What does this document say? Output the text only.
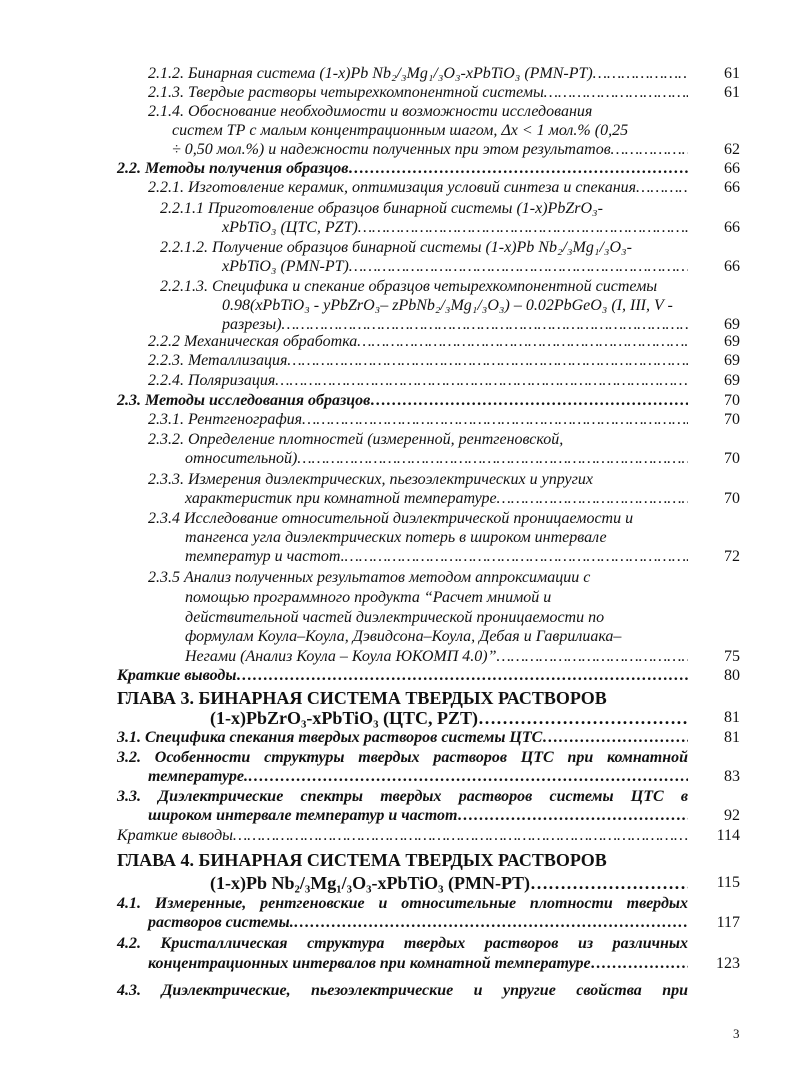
2.1.2. Бинарная система (1-x)Pb Nb₂/₃Mg₁/₃O₃-xPbTiO₃ (PMN-PT) ……………………………………………………………………………………………………………………………………………………………………………………	61
2.1.3. Твердые растворы четырехкомпонентной системы ……………………………………………………………………………………………………………………………………………………………………………………	61
2.1.4. Обоснование необходимости и возможности исследования
систем ТР с малым концентрационным шагом, Δx < 1 мол.% (0,25
÷ 0,50 мол.%) и надежности полученных при этом результатов ……………………………………………………………………………………………………………………………………………………………………………………	62
2.2. Методы получения образцов ……………………………………………………………………………………………………………………………………………………………………………………	66
2.2.1. Изготовление керамик, оптимизация условий синтеза и спекания ……………………………………………………………………………………………………………………………………………………………………………………	66
2.2.1.1 Приготовление образцов бинарной системы (1-x)PbZrO₃-
xPbTiO₃ (ЦТС, PZT) ……………………………………………………………………………………………………………………………………………………………………………………	66
2.2.1.2. Получение образцов бинарной системы (1-x)Pb Nb₂/₃Mg₁/₃O₃-
xPbTiO₃ (PMN-PT) ……………………………………………………………………………………………………………………………………………………………………………………	66
2.2.1.3. Специфика и спекание образцов четырехкомпонентной системы
0.98(xPbTiO₃ - yPbZrO₃– zPbNb₂/₃Mg₁/₃O₃) – 0.02PbGeO₃ (I, III, V -
разрезы) ……………………………………………………………………………………………………………………………………………………………………………………	69
2.2.2 Механическая обработка ……………………………………………………………………………………………………………………………………………………………………………………	69
2.2.3. Металлизация ……………………………………………………………………………………………………………………………………………………………………………………	69
2.2.4. Поляризация ……………………………………………………………………………………………………………………………………………………………………………………	69
2.3. Методы исследования образцов ……………………………………………………………………………………………………………………………………………………………………………………	70
2.3.1. Рентгенография ……………………………………………………………………………………………………………………………………………………………………………………	70
2.3.2. Определение плотностей (измеренной, рентгеновской,
относительной) ……………………………………………………………………………………………………………………………………………………………………………………	70
2.3.3. Измерения диэлектрических, пьезоэлектрических и упругих
характеристик при комнатной температуре ……………………………………………………………………………………………………………………………………………………………………………………	70
2.3.4 Исследование относительной диэлектрической проницаемости и
тангенса угла диэлектрических потерь в широком интервале
температур и частот. ……………………………………………………………………………………………………………………………………………………………………………………	72
2.3.5 Анализ полученных результатов методом аппроксимации с
помощью программного продукта “Расчет мнимой и
действительной частей диэлектрической проницаемости по
формулам Коула–Коула, Дэвидсона–Коула, Дебая и Гаврилиака–
Негами (Анализ Коула – Коула ЮКОМП 4.0)” ……………………………………………………………………………………………………………………………………………………………………………………	75
Краткие выводы ……………………………………………………………………………………………………………………………………………………………………………………	80
ГЛАВА 3. БИНАРНАЯ СИСТЕМА ТВЕРДЫХ РАСТВОРОВ
(1-x)PbZrO₃-xPbTiO₃ (ЦТС, PZT) ……………………………………………………………………………………………………………………………………………………………………………………	81
3.1. Специфика спекания твердых растворов системы ЦТС ……………………………………………………………………………………………………………………………………………………………………………………	81
3.2. Особенности структуры твердых растворов ЦТС при комнатной
температуре. ……………………………………………………………………………………………………………………………………………………………………………………	83
3.3. Диэлектрические спектры твердых растворов системы ЦТС в
широком интервале температур и частот ……………………………………………………………………………………………………………………………………………………………………………………	92
Краткие выводы ……………………………………………………………………………………………………………………………………………………………………………………	114
ГЛАВА 4. БИНАРНАЯ СИСТЕМА ТВЕРДЫХ РАСТВОРОВ
(1-x)Pb Nb₂/₃Mg₁/₃O₃-xPbTiO₃ (PMN-PT) ……………………………………………………………………………………………………………………………………………………………………………………	115
4.1. Измеренные, рентгеновские и относительные плотности твердых
растворов системы. ……………………………………………………………………………………………………………………………………………………………………………………	117
4.2. Кристаллическая структура твердых растворов из различных
концентрационных интервалов при комнатной температуре ……………………………………………………………………………………………………………………………………………………………………………………	123
4.3. Диэлектрические, пьезоэлектрические и упругие свойства при
3
